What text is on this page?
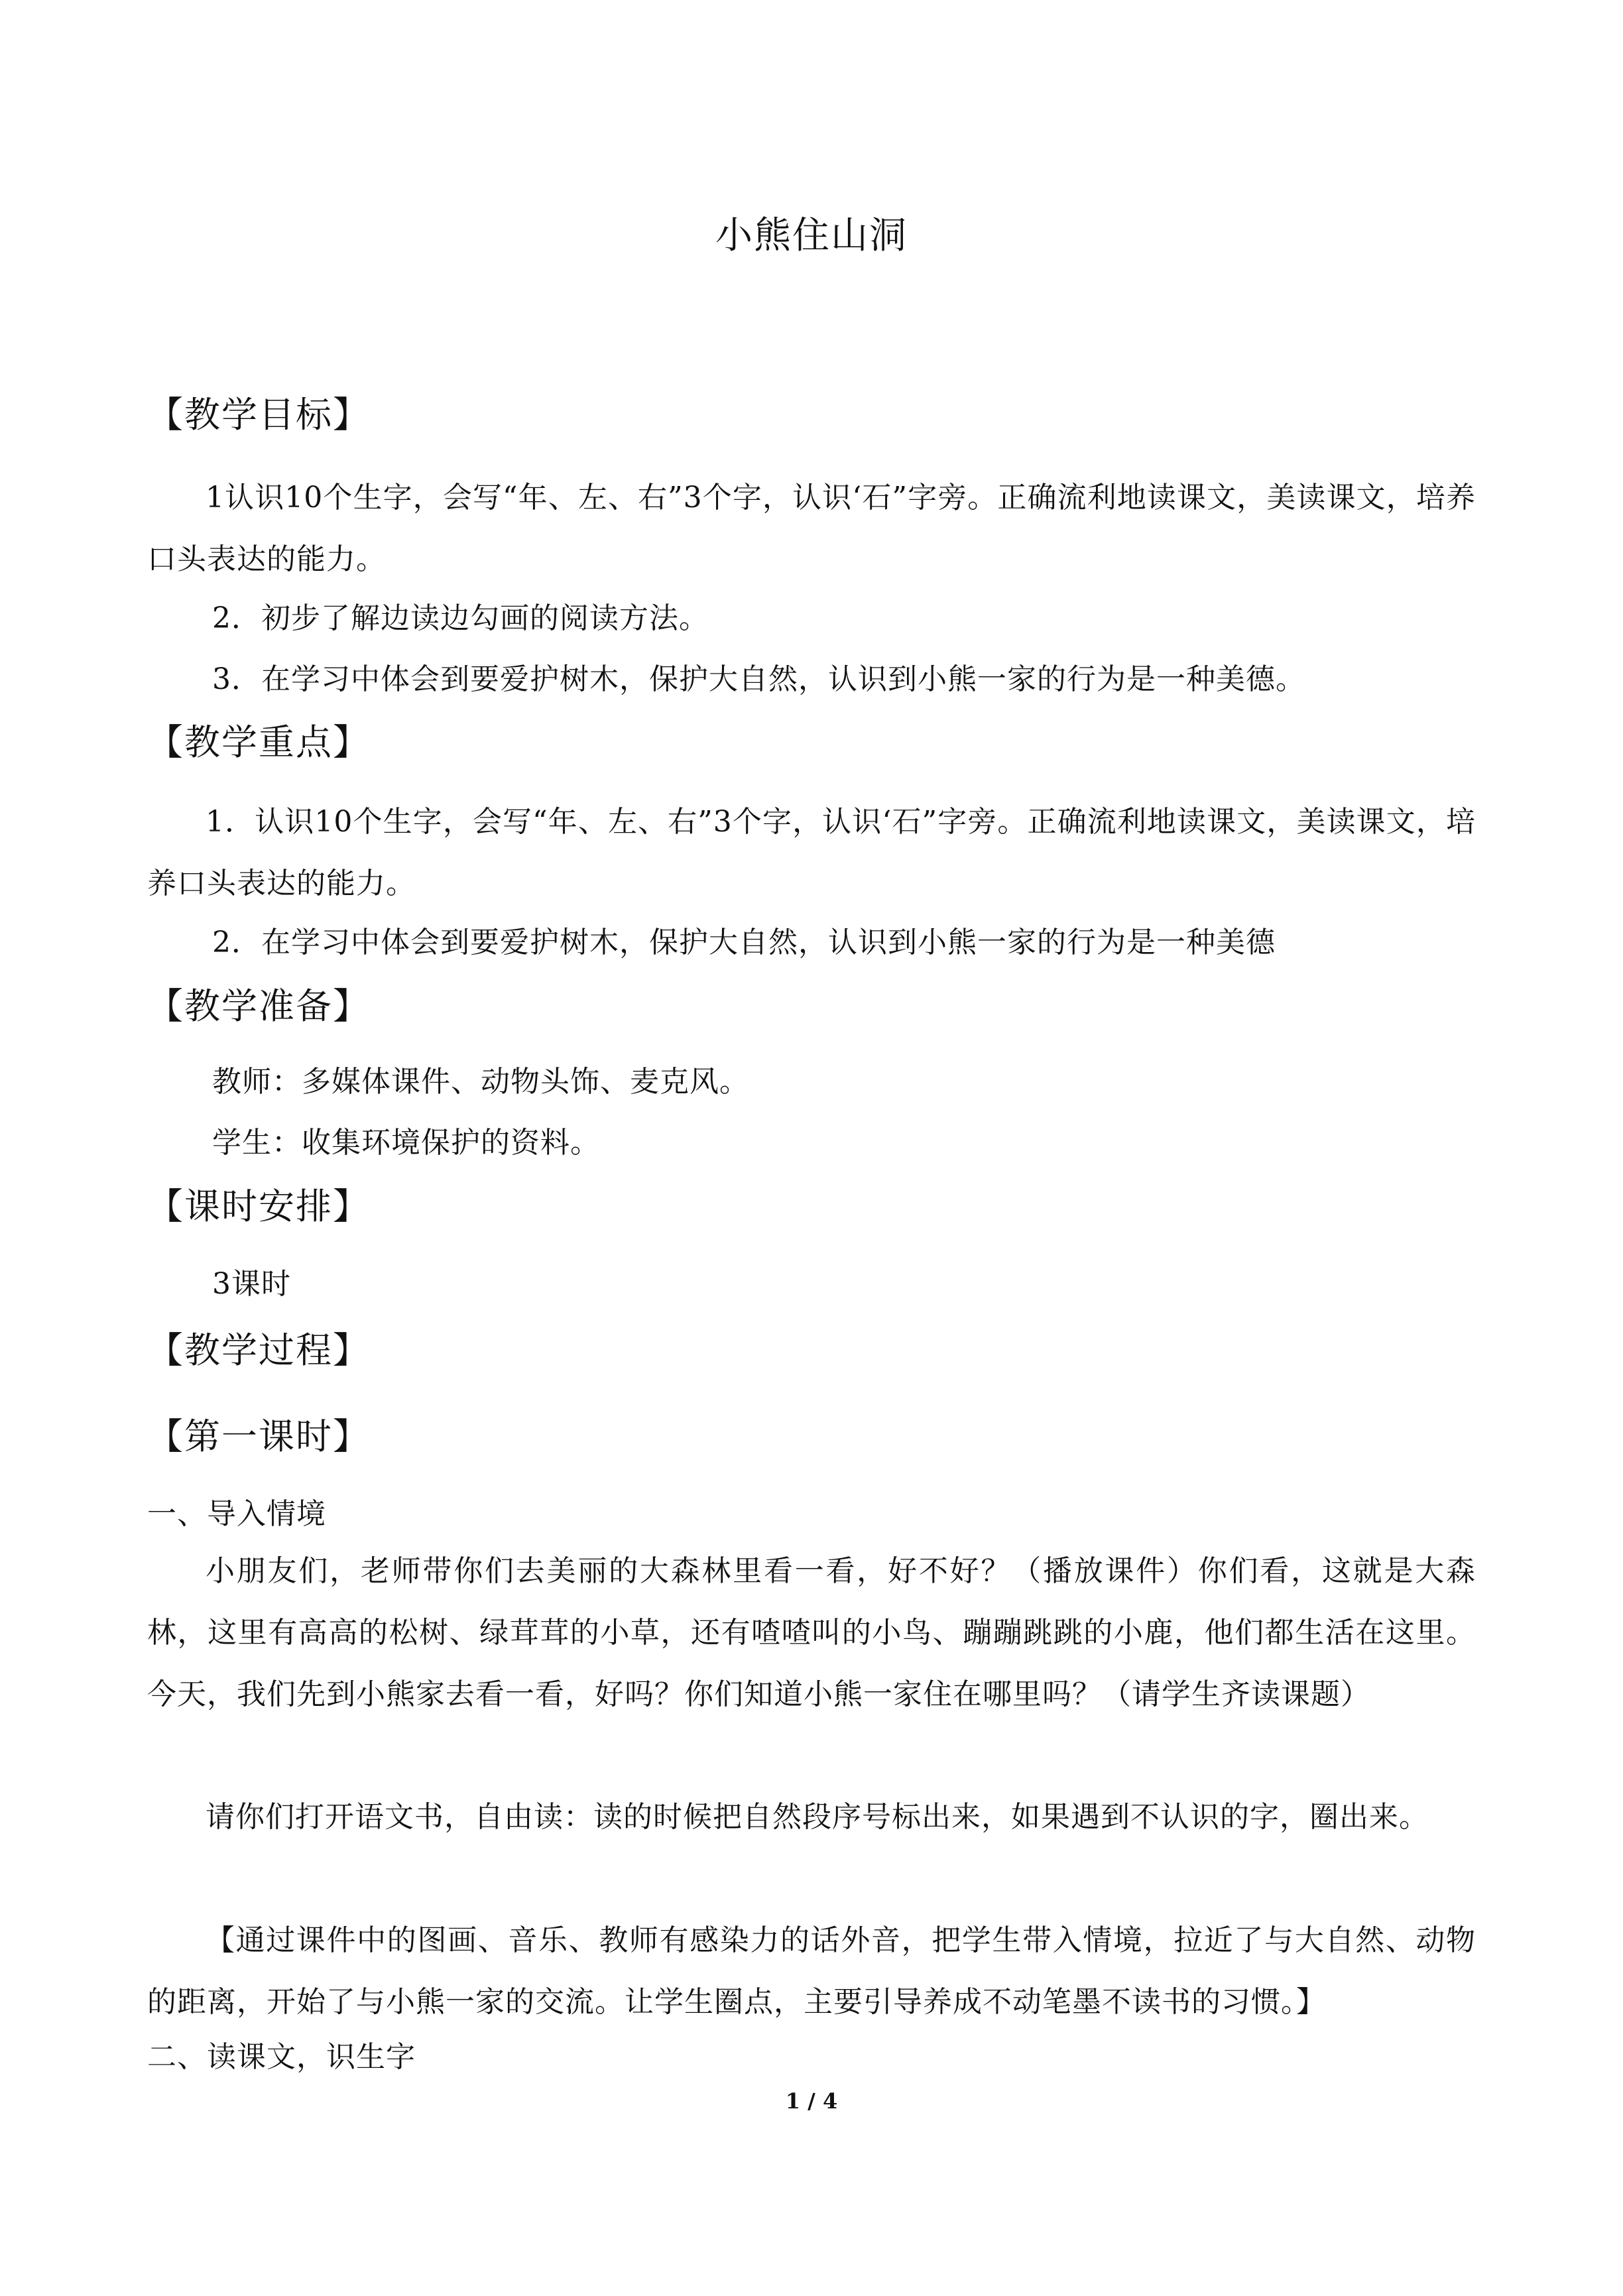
小熊住山洞
【教学目标】
1认识10个生字，会写“年、左、右”3个字，认识‘石”字旁。正确流利地读课文，美读课文，培养口头表达的能力。
2．初步了解边读边勾画的阅读方法。
3．在学习中体会到要爱护树木，保护大自然，认识到小熊一家的行为是一种美德。
【教学重点】
1．认识10个生字，会写“年、左、右”3个字，认识‘石”字旁。正确流利地读课文，美读课文，培养口头表达的能力。
2．在学习中体会到要爱护树木，保护大自然，认识到小熊一家的行为是一种美德
【教学准备】
教师：多媒体课件、动物头饰、麦克风。
学生：收集环境保护的资料。
【课时安排】
3课时
【教学过程】
【第一课时】
一、导入情境
小朋友们，老师带你们去美丽的大森林里看一看，好不好？（播放课件）你们看，这就是大森林，这里有高高的松树、绿茸茸的小草，还有喳喳叫的小鸟、蹦蹦跳跳的小鹿，他们都生活在这里。今天，我们先到小熊家去看一看，好吗？你们知道小熊一家住在哪里吗？（请学生齐读课题）
请你们打开语文书，自由读：读的时候把自然段序号标出来，如果遇到不认识的字，圈出来。
【通过课件中的图画、音乐、教师有感染力的话外音，把学生带入情境，拉近了与大自然、动物的距离，开始了与小熊一家的交流。让学生圈点，主要引导养成不动笔墨不读书的习惯。】
二、读课文，识生字
1 / 4
